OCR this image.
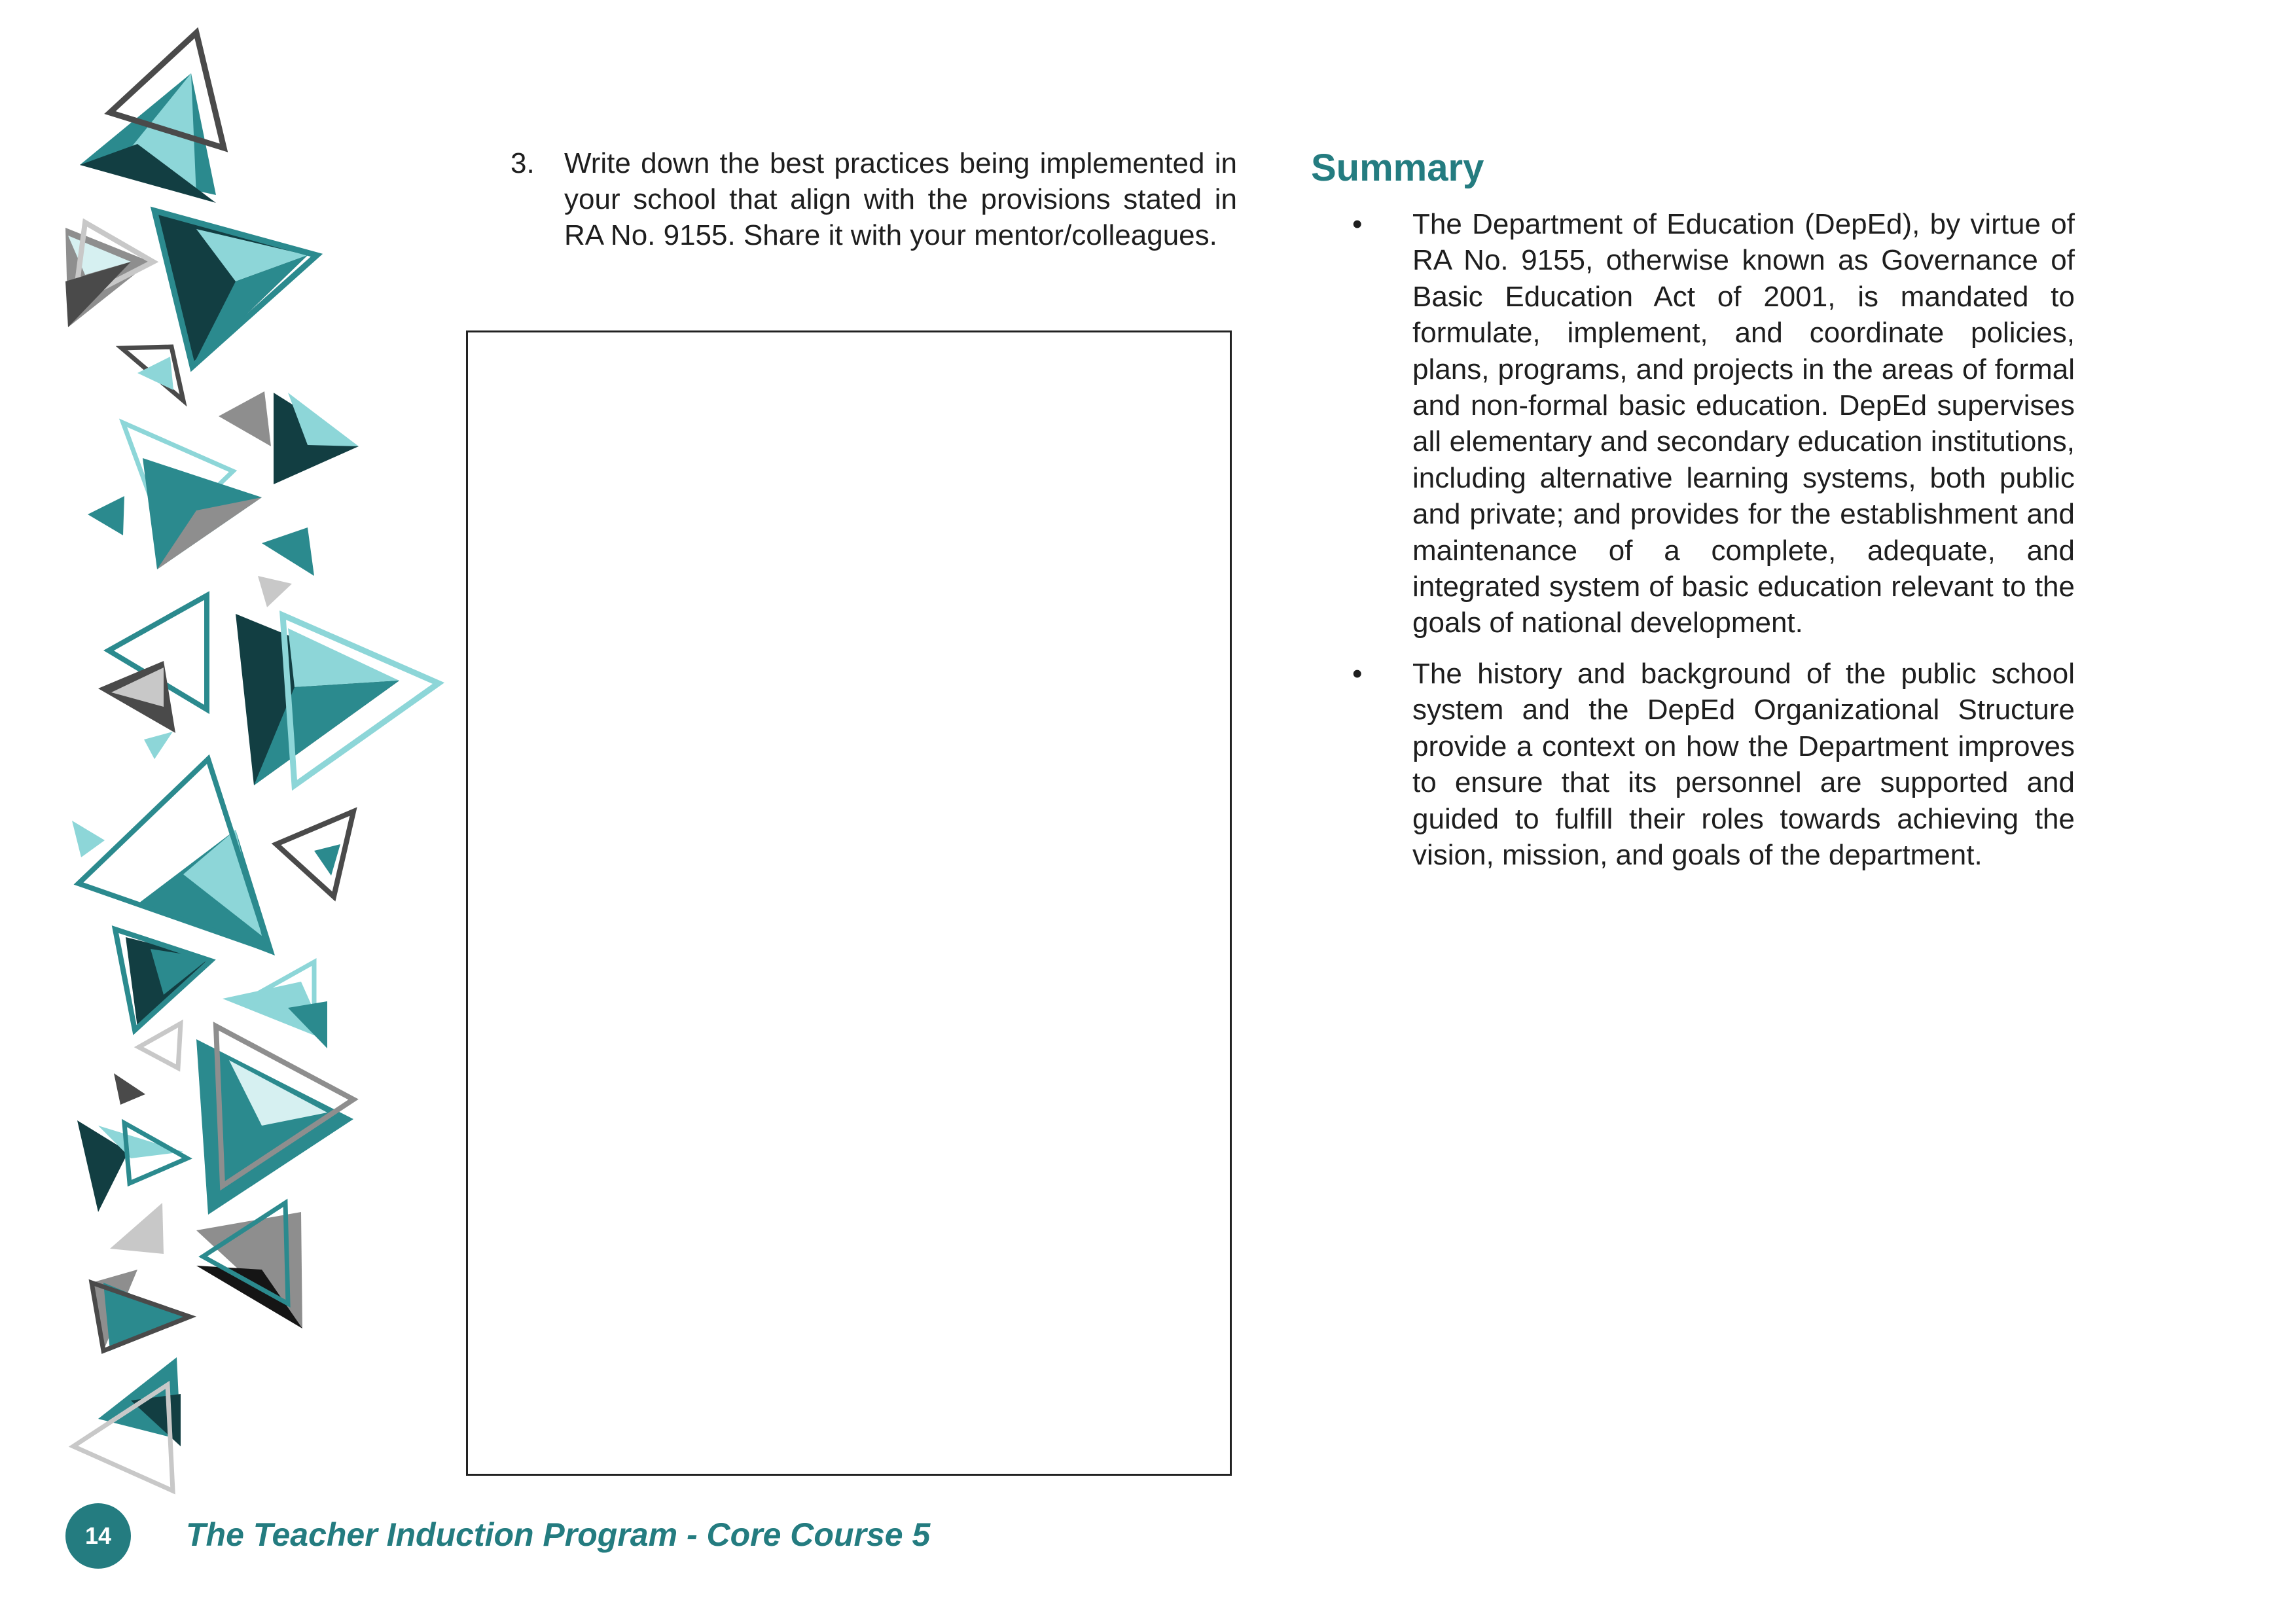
3. Write down the best practices being implemented in your school that align with the provisions stated in RA No. 9155. Share it with your mentor/colleagues.
Summary
• The Department of Education (DepEd), by virtue of RA No. 9155, otherwise known as Governance of Basic Education Act of 2001, is mandated to formulate, implement, and coordinate policies, plans, programs, and projects in the areas of formal and non-formal basic education. DepEd supervises all elementary and secondary education institutions, including alternative learning systems, both public and private; and provides for the establishment and maintenance of a complete, adequate, and integrated system of basic education relevant to the goals of national development.
• The history and background of the public school system and the DepEd Organizational Structure provide a context on how the Department improves to ensure that its personnel are supported and guided to fulfill their roles towards achieving the vision, mission, and goals of the department.
14	The Teacher Induction Program - Core Course 5
